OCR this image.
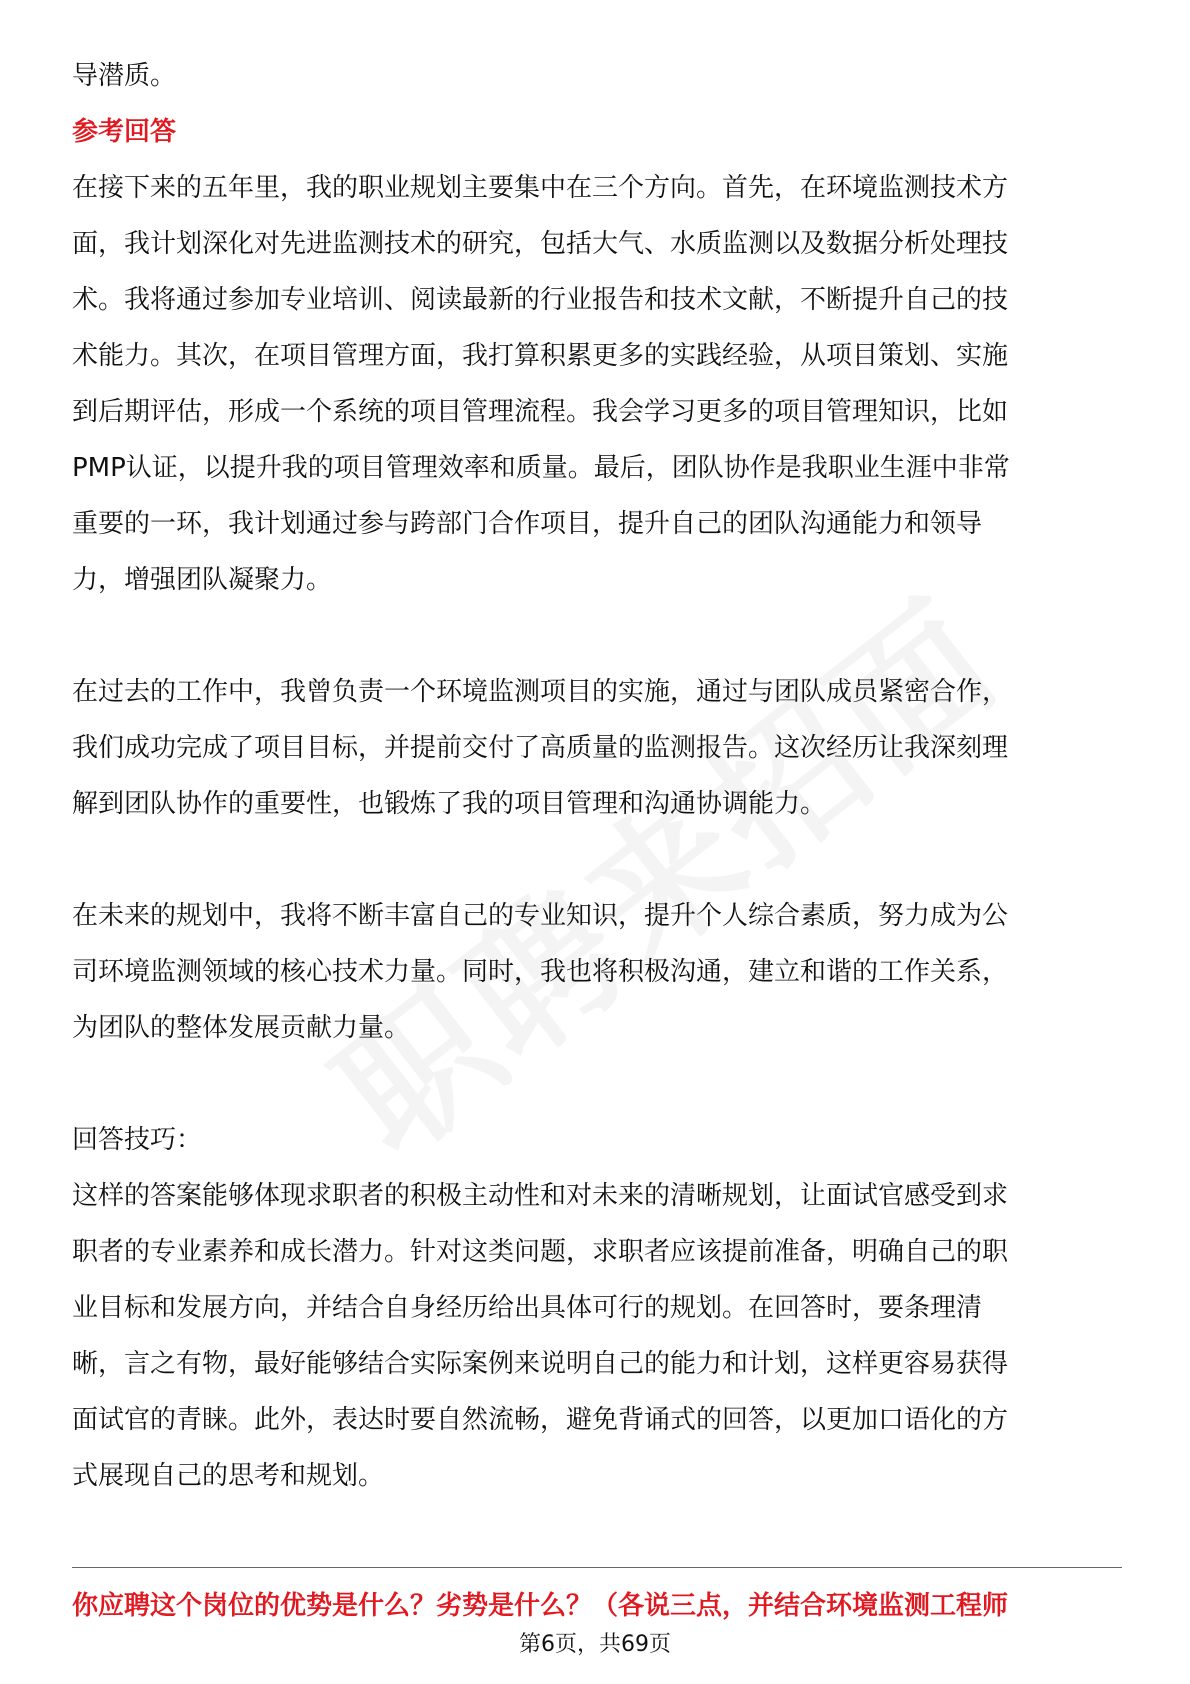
导潜质。

参考回答

在接下来的五年里，我的职业规划主要集中在三个方向。首先，在环境监测技术方

面，我计划深化对先进监测技术的研究，包括大气、水质监测以及数据分析处理技

术。我将通过参加专业培训、阅读最新的行业报告和技术文献，不断提升自己的技

术能力。其次，在项目管理方面，我打算积累更多的实践经验，从项目策划、实施

到后期评估，形成一个系统的项目管理流程。我会学习更多的项目管理知识，比如

PMP认证，以提升我的项目管理效率和质量。最后，团队协作是我职业生涯中非常

重要的一环，我计划通过参与跨部门合作项目，提升自己的团队沟通能力和领导

力，增强团队凝聚力。

在过去的工作中，我曾负责一个环境监测项目的实施，通过与团队成员紧密合作，

我们成功完成了项目目标，并提前交付了高质量的监测报告。这次经历让我深刻理

解到团队协作的重要性，也锻炼了我的项目管理和沟通协调能力。

在未来的规划中，我将不断丰富自己的专业知识，提升个人综合素质，努力成为公

司环境监测领域的核心技术力量。同时，我也将积极沟通，建立和谐的工作关系，

为团队的整体发展贡献力量。

回答技巧：

这样的答案能够体现求职者的积极主动性和对未来的清晰规划，让面试官感受到求

职者的专业素养和成长潜力。针对这类问题，求职者应该提前准备，明确自己的职

业目标和发展方向，并结合自身经历给出具体可行的规划。在回答时，要条理清

晰，言之有物，最好能够结合实际案例来说明自己的能力和计划，这样更容易获得

面试官的青睐。此外，表达时要自然流畅，避免背诵式的回答，以更加口语化的方

式展现自己的思考和规划。

你应聘这个岗位的优势是什么？劣势是什么？（各说三点，并结合环境监测工程师
第6页，共69页
